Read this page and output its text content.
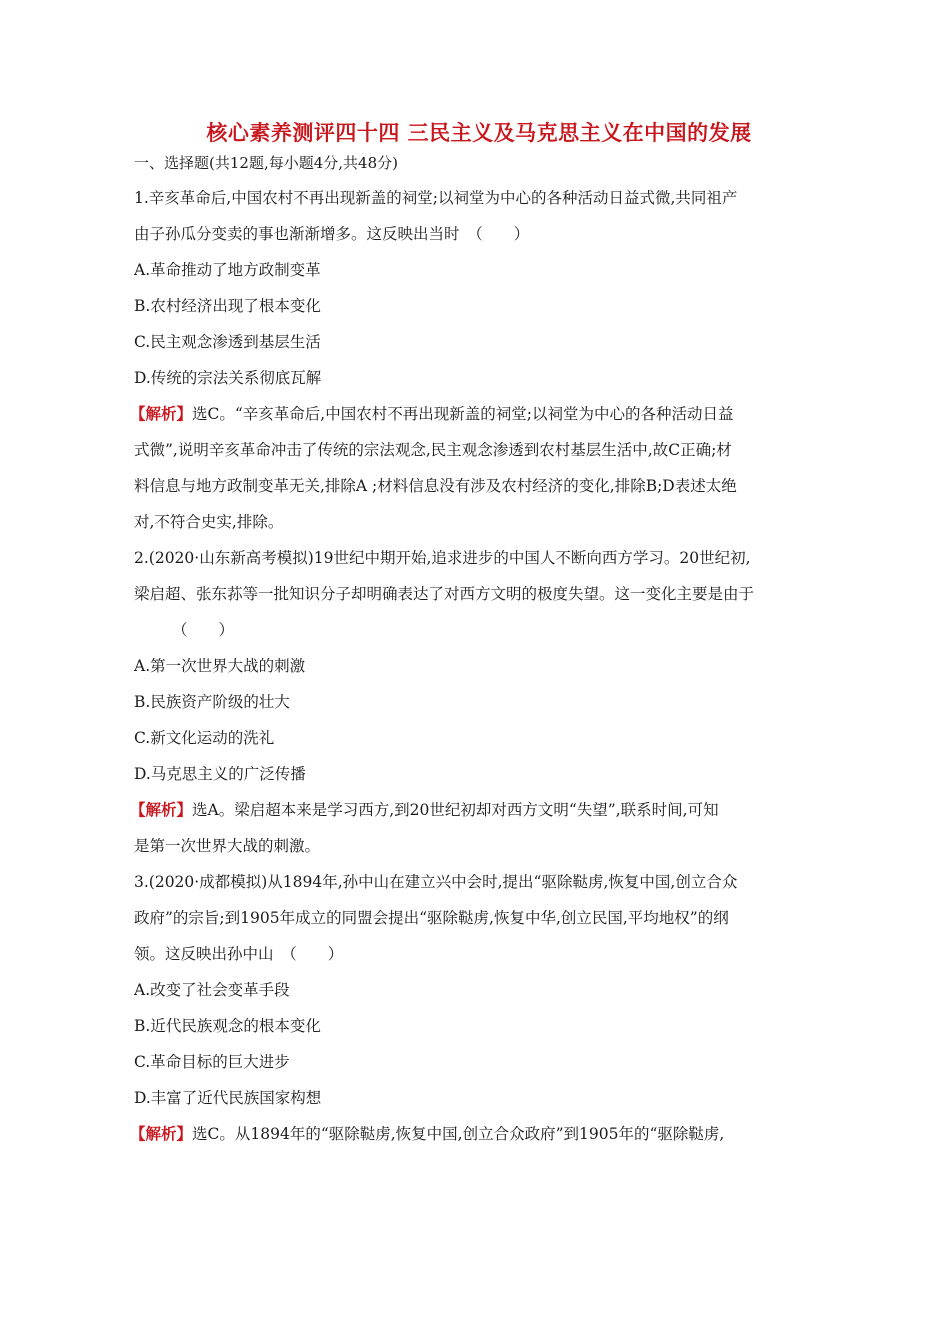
核心素养测评四十四 三民主义及马克思主义在中国的发展
一、选择题(共12题,每小题4分,共48分)

1.辛亥革命后,中国农村不再出现新盖的祠堂;以祠堂为中心的各种活动日益式微,共同祖产

由子孙瓜分变卖的事也渐渐增多。这反映出当时　（　　）

A.革命推动了地方政制变革

B.农村经济出现了根本变化

C.民主观念渗透到基层生活

D.传统的宗法关系彻底瓦解

【解析】选C。“辛亥革命后,中国农村不再出现新盖的祠堂;以祠堂为中心的各种活动日益

式微”,说明辛亥革命冲击了传统的宗法观念,民主观念渗透到农村基层生活中,故C正确;材

料信息与地方政制变革无关,排除A ;材料信息没有涉及农村经济的变化,排除B;D表述太绝

对,不符合史实,排除。

2.(2020·山东新高考模拟)19世纪中期开始,追求进步的中国人不断向西方学习。20世纪初,

梁启超、张东荪等一批知识分子却明确表达了对西方文明的极度失望。这一变化主要是由于

（　　）

A.第一次世界大战的刺激

B.民族资产阶级的壮大

C.新文化运动的洗礼

D.马克思主义的广泛传播

【解析】选A。梁启超本来是学习西方,到20世纪初却对西方文明“失望”,联系时间,可知

是第一次世界大战的刺激。

3.(2020·成都模拟)从1894年,孙中山在建立兴中会时,提出“驱除鞑虏,恢复中国,创立合众

政府”的宗旨;到1905年成立的同盟会提出“驱除鞑虏,恢复中华,创立民国,平均地权”的纲

领。这反映出孙中山　（　　）

A.改变了社会变革手段

B.近代民族观念的根本变化

C.革命目标的巨大进步

D.丰富了近代民族国家构想

【解析】选C。从1894年的“驱除鞑虏,恢复中国,创立合众政府”到1905年的“驱除鞑虏,
